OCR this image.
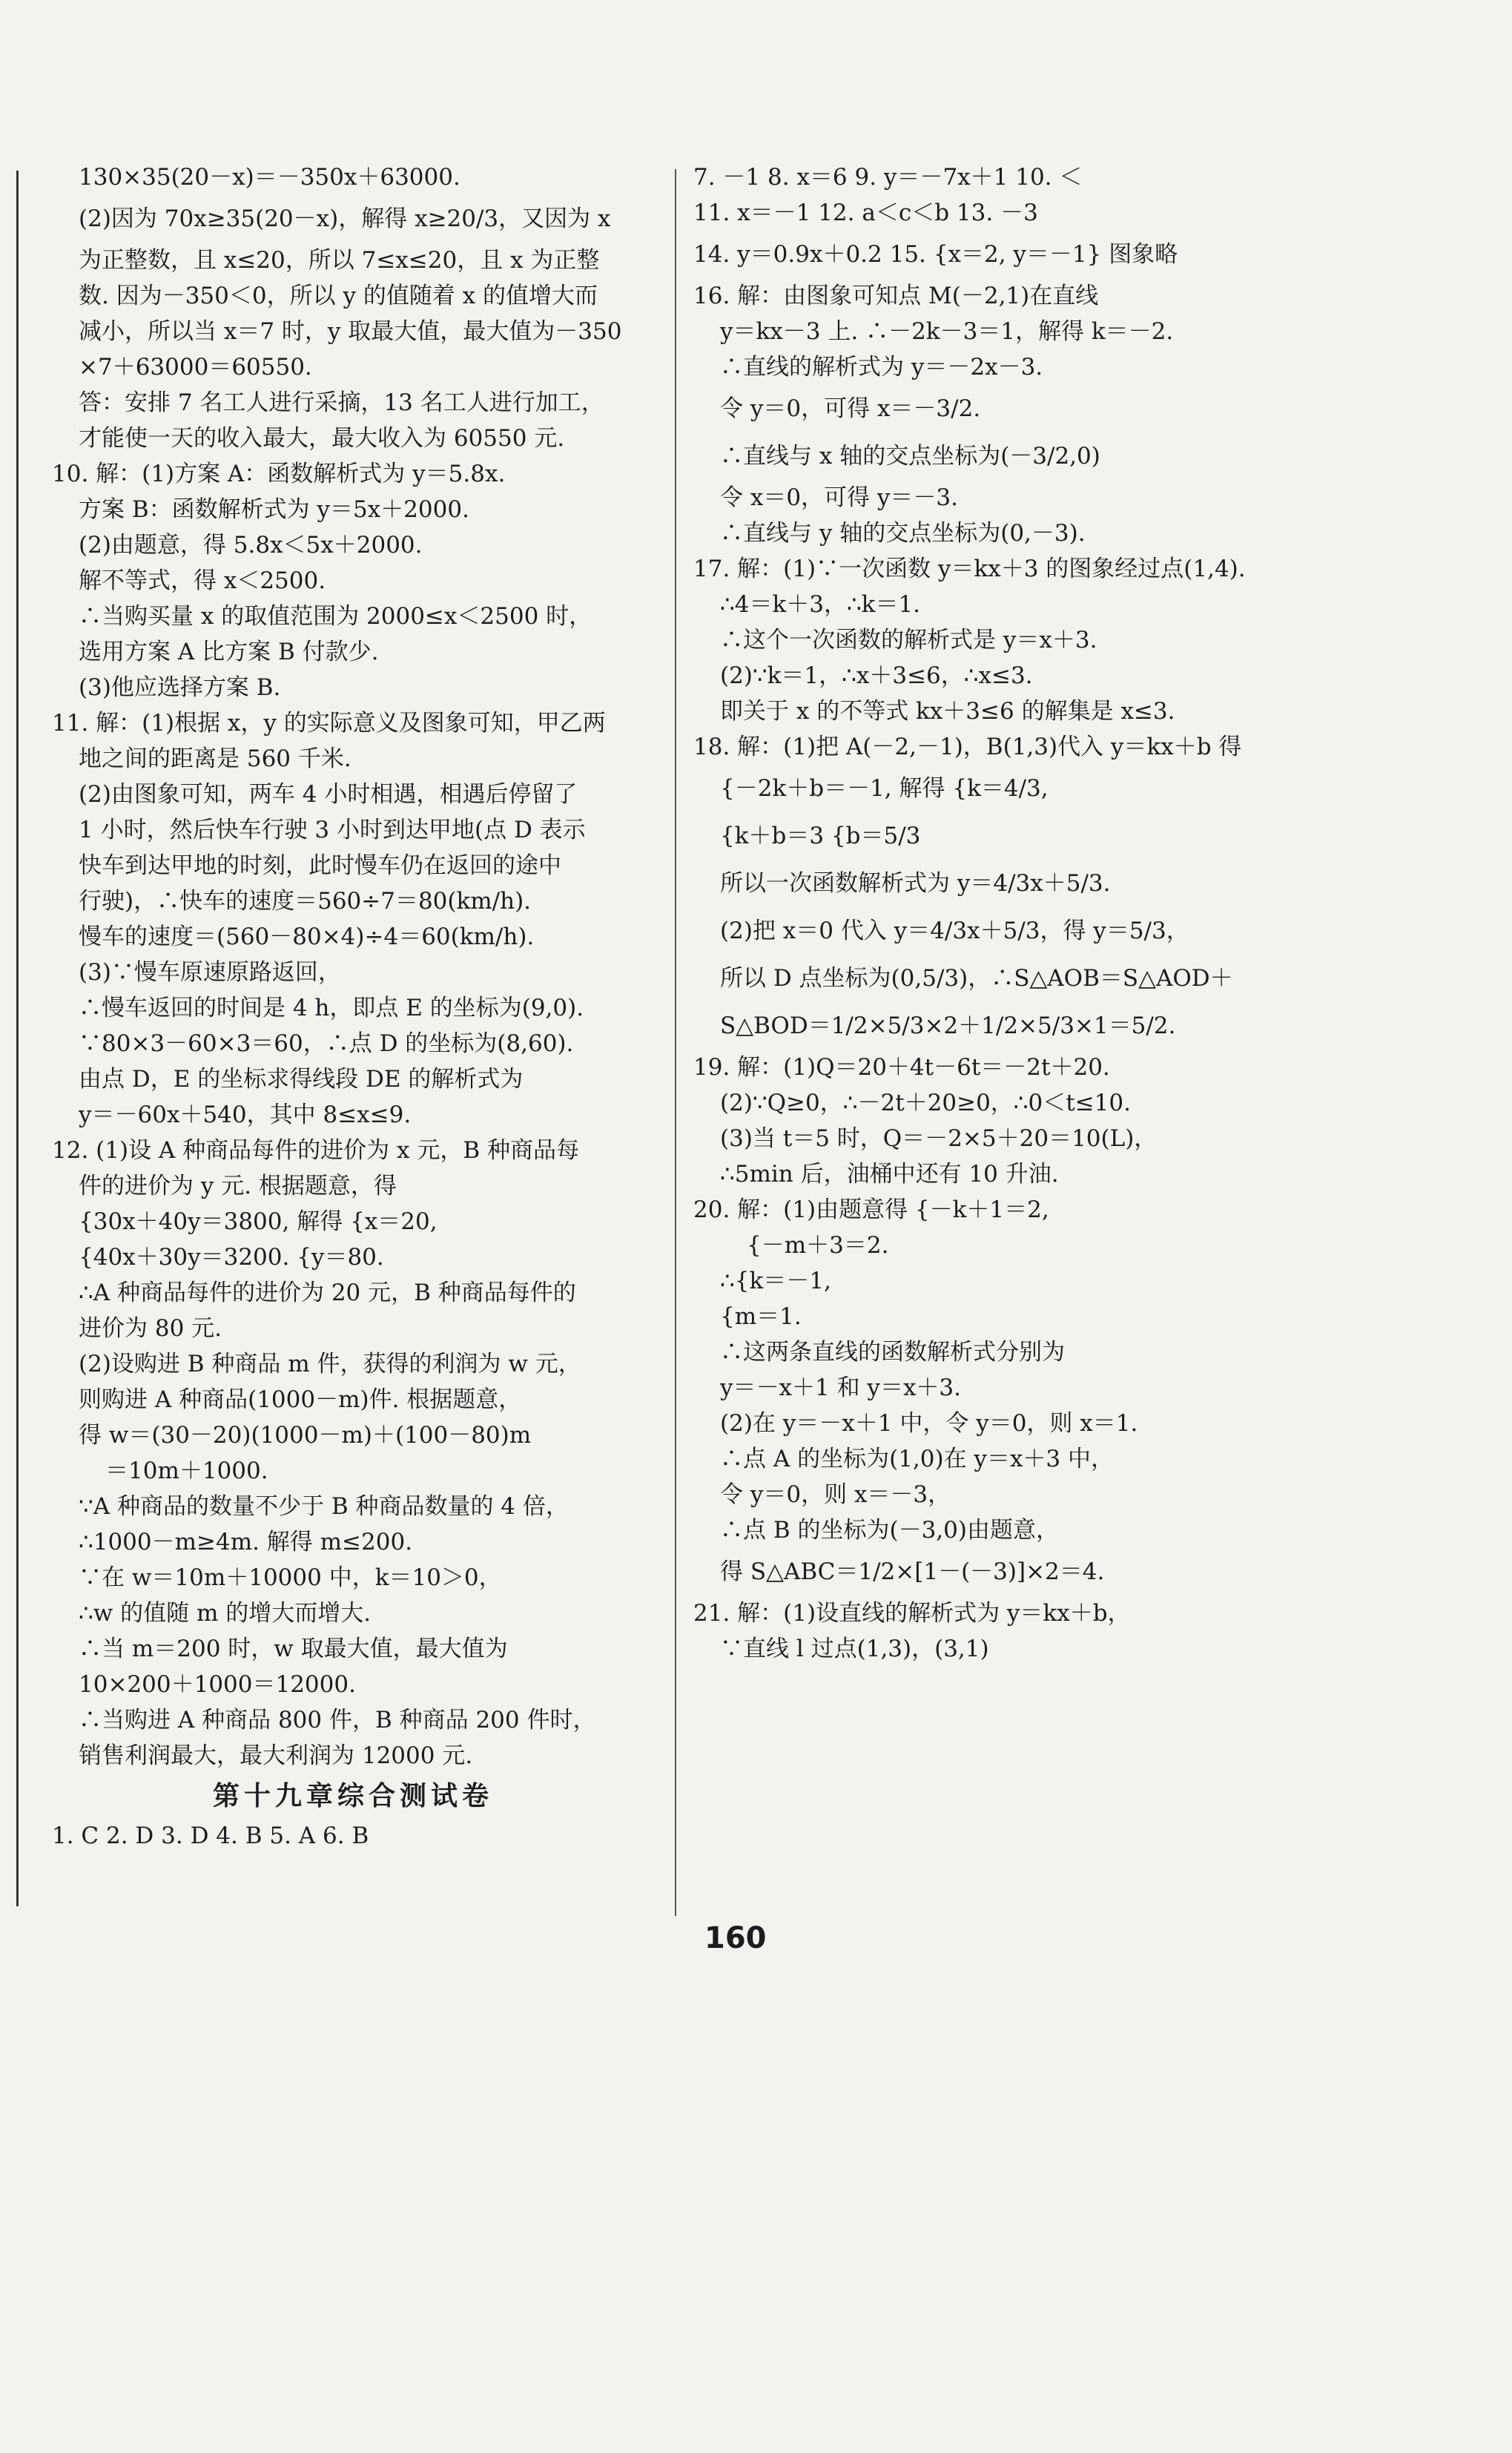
130×35(20－x)＝－350x＋63000.
(2)因为 70x≥35(20－x)，解得 x≥20/3，又因为 x
为正整数，且 x≤20，所以 7≤x≤20，且 x 为正整
数. 因为－350＜0，所以 y 的值随着 x 的值增大而
减小，所以当 x＝7 时，y 取最大值，最大值为－350
×7＋63000＝60550.
答：安排 7 名工人进行采摘，13 名工人进行加工，
才能使一天的收入最大，最大收入为 60550 元.
10. 解：(1)方案 A：函数解析式为 y＝5.8x.
方案 B：函数解析式为 y＝5x＋2000.
(2)由题意，得 5.8x＜5x＋2000.
解不等式，得 x＜2500.
∴当购买量 x 的取值范围为 2000≤x＜2500 时，
选用方案 A 比方案 B 付款少.
(3)他应选择方案 B.
11. 解：(1)根据 x，y 的实际意义及图象可知，甲乙两
地之间的距离是 560 千米.
(2)由图象可知，两车 4 小时相遇，相遇后停留了
1 小时，然后快车行驶 3 小时到达甲地(点 D 表示
快车到达甲地的时刻，此时慢车仍在返回的途中
行驶)，∴快车的速度＝560÷7＝80(km/h).
慢车的速度＝(560－80×4)÷4＝60(km/h).
(3)∵慢车原速原路返回，
∴慢车返回的时间是 4 h，即点 E 的坐标为(9,0).
∵80×3－60×3＝60，∴点 D 的坐标为(8,60).
由点 D，E 的坐标求得线段 DE 的解析式为
y＝－60x＋540，其中 8≤x≤9.
12. (1)设 A 种商品每件的进价为 x 元，B 种商品每
件的进价为 y 元. 根据题意，得
{30x＋40y＝3800, 解得 {x＝20,
{40x＋30y＝3200. {y＝80.
∴A 种商品每件的进价为 20 元，B 种商品每件的
进价为 80 元.
(2)设购进 B 种商品 m 件，获得的利润为 w 元，
则购进 A 种商品(1000－m)件. 根据题意，
得 w＝(30－20)(1000－m)＋(100－80)m
＝10m＋1000.
∵A 种商品的数量不少于 B 种商品数量的 4 倍，
∴1000－m≥4m. 解得 m≤200.
∵在 w＝10m＋10000 中，k＝10＞0，
∴w 的值随 m 的增大而增大.
∴当 m＝200 时，w 取最大值，最大值为
10×200＋1000＝12000.
∴当购进 A 种商品 800 件，B 种商品 200 件时，
销售利润最大，最大利润为 12000 元.
第十九章综合测试卷
1. C 2. D 3. D 4. B 5. A 6. B
7. －1 8. x＝6 9. y＝－7x＋1 10. ＜
11. x＝－1 12. a＜c＜b 13. －3
14. y＝0.9x＋0.2 15. {x＝2, y＝－1} 图象略
16. 解：由图象可知点 M(－2,1)在直线
y＝kx－3 上. ∴－2k－3＝1，解得 k＝－2.
∴直线的解析式为 y＝－2x－3.
令 y＝0，可得 x＝－3/2.
∴直线与 x 轴的交点坐标为(－3/2,0)
令 x＝0，可得 y＝－3.
∴直线与 y 轴的交点坐标为(0,－3).
17. 解：(1)∵一次函数 y＝kx＋3 的图象经过点(1,4).
∴4＝k＋3，∴k＝1.
∴这个一次函数的解析式是 y＝x＋3.
(2)∵k＝1，∴x＋3≤6，∴x≤3.
即关于 x 的不等式 kx＋3≤6 的解集是 x≤3.
18. 解：(1)把 A(－2,－1)，B(1,3)代入 y＝kx＋b 得
{－2k＋b＝－1, 解得 {k＝4/3,
{k＋b＝3 {b＝5/3
所以一次函数解析式为 y＝4/3x＋5/3.
(2)把 x＝0 代入 y＝4/3x＋5/3，得 y＝5/3，
所以 D 点坐标为(0,5/3)，∴S△AOB＝S△AOD＋
S△BOD＝1/2×5/3×2＋1/2×5/3×1＝5/2.
19. 解：(1)Q＝20＋4t－6t＝－2t＋20.
(2)∵Q≥0，∴－2t＋20≥0，∴0＜t≤10.
(3)当 t＝5 时，Q＝－2×5＋20＝10(L)，
∴5min 后，油桶中还有 10 升油.
20. 解：(1)由题意得 {－k＋1＝2,
{－m＋3＝2.
∴{k＝－1,
{m＝1.
∴这两条直线的函数解析式分别为
y＝－x＋1 和 y＝x＋3.
(2)在 y＝－x＋1 中，令 y＝0，则 x＝1.
∴点 A 的坐标为(1,0)在 y＝x＋3 中，
令 y＝0，则 x＝－3，
∴点 B 的坐标为(－3,0)由题意，
得 S△ABC＝1/2×[1－(－3)]×2＝4.
21. 解：(1)设直线的解析式为 y＝kx＋b，
∵直线 l 过点(1,3)，(3,1)
160
